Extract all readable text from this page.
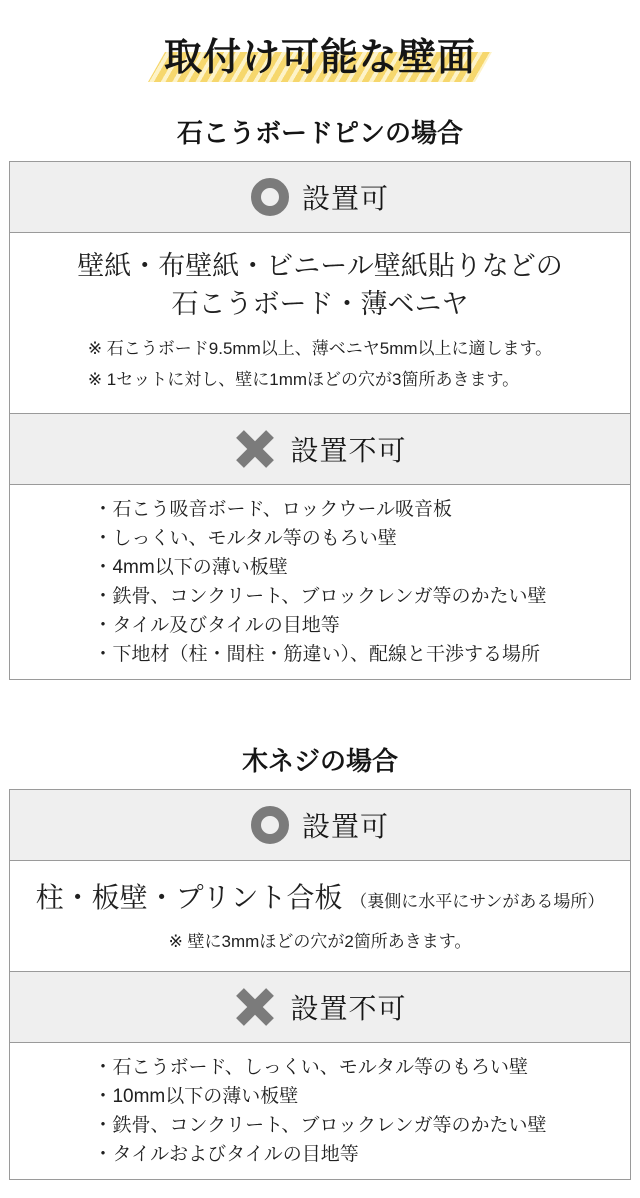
取付け可能な壁面
石こうボードピンの場合
設置可
壁紙・布壁紙・ビニール壁紙貼りなどの
石こうボード・薄ベニヤ
※ 石こうボード9.5mm以上、薄ベニヤ5mm以上に適します。
※ 1セットに対し、壁に1mmほどの穴が3箇所あきます。
設置不可
・石こう吸音ボード、ロックウール吸音板
・しっくい、モルタル等のもろい壁
・4mm以下の薄い板壁
・鉄骨、コンクリート、ブロックレンガ等のかたい壁
・タイル及びタイルの目地等
・下地材（柱・間柱・筋違い）、配線と干渉する場所
木ネジの場合
設置可
柱・板壁・プリント合板 （裏側に水平にサンがある場所）
※ 壁に3mmほどの穴が2箇所あきます。
設置不可
・石こうボード、しっくい、モルタル等のもろい壁
・10mm以下の薄い板壁
・鉄骨、コンクリート、ブロックレンガ等のかたい壁
・タイルおよびタイルの目地等
